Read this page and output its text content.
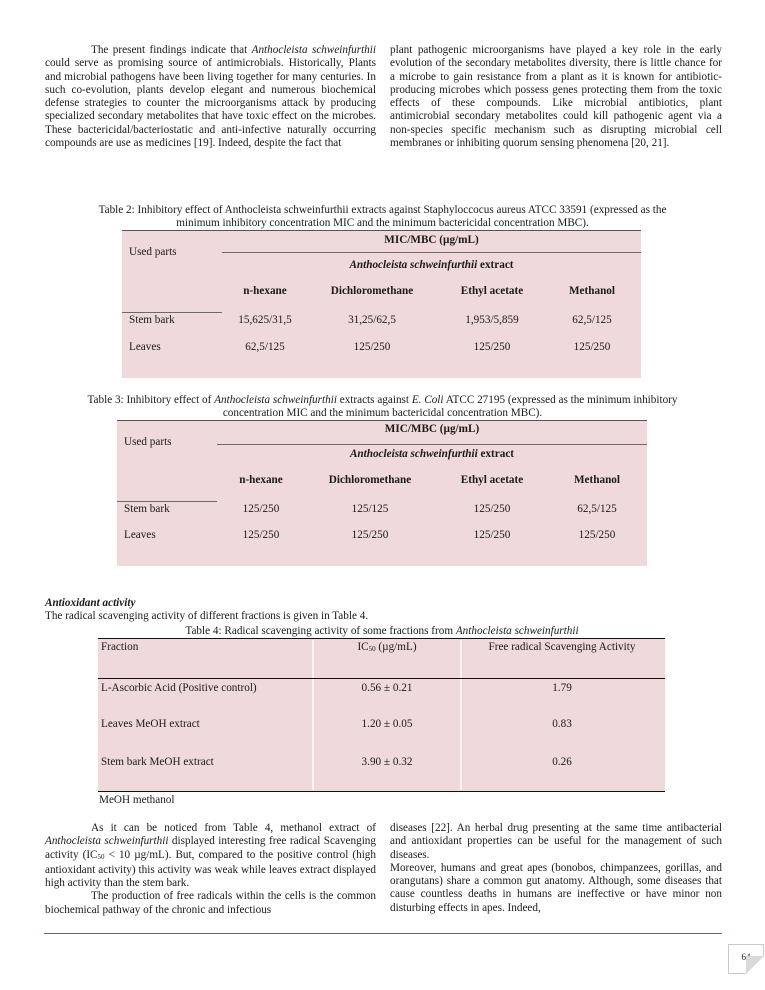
The present findings indicate that Anthocleista schweinfurthii could serve as promising source of antimicrobials. Historically, Plants and microbial pathogens have been living together for many centuries. In such co-evolution, plants develop elegant and numerous biochemical defense strategies to counter the microorganisms attack by producing specialized secondary metabolites that have toxic effect on the microbes. These bactericidal/bacteriostatic and anti-infective naturally occurring compounds are use as medicines [19]. Indeed, despite the fact that

plant pathogenic microorganisms have played a key role in the early evolution of the secondary metabolites diversity, there is little chance for a microbe to gain resistance from a plant as it is known for antibiotic-producing microbes which possess genes protecting them from the toxic effects of these compounds. Like microbial antibiotics, plant antimicrobial secondary metabolites could kill pathogenic agent via a non-species specific mechanism such as disrupting microbial cell membranes or inhibiting quorum sensing phenomena [20, 21].

Table 2: Inhibitory effect of Anthocleista schweinfurthii extracts against Staphyloccocus aureus ATCC 33591 (expressed as the
minimum inhibitory concentration MIC and the minimum bactericidal concentration MBC).
Used parts
MIC/MBC (µg/mL)
Anthocleista schweinfurthii extract
n-hexane	Dichloromethane	Ethyl acetate	Methanol
Stem bark	15,625/31,5	31,25/62,5	1,953/5,859	62,5/125
Leaves	62,5/125	125/250	125/250	125/250
Table 3: Inhibitory effect of Anthocleista schweinfurthii extracts against E. Coli ATCC 27195 (expressed as the minimum inhibitory
concentration MIC and the minimum bactericidal concentration MBC).
Used parts
MIC/MBC (µg/mL)
Anthocleista schweinfurthii extract
n-hexane	Dichloromethane	Ethyl acetate	Methanol
Stem bark	125/250	125/125	125/250	62,5/125
Leaves	125/250	125/250	125/250	125/250
Antioxidant activity
The radical scavenging activity of different fractions is given in Table 4.
Table 4: Radical scavenging activity of some fractions from Anthocleista schweinfurthii
Fraction	$IC_{50}$ (µg/mL)	Free radical Scavenging Activity
L-Ascorbic Acid (Positive control)	0.56 ± 0.21	1.79
Leaves MeOH extract	1.20 ± 0.05	0.83
Stem bark MeOH extract	3.90 ± 0.32	0.26
MeOH methanol

As it can be noticed from Table 4, methanol extract of Anthocleista schweinfurthii displayed interesting free radical Scavenging activity ($IC_{50} < 10$ µg/mL). But, compared to the positive control (high antioxidant activity) this activity was weak while leaves extract displayed high activity than the stem bark.

The production of free radicals within the cells is the common biochemical pathway of the chronic and infectious

diseases [22]. An herbal drug presenting at the same time antibacterial and antioxidant properties can be useful for the management of such diseases.

Moreover, humans and great apes (bonobos, chimpanzees, gorillas, and orangutans) share a common gut anatomy. Although, some diseases that cause countless deaths in humans are ineffective or have minor non disturbing effects in apes. Indeed,

64
